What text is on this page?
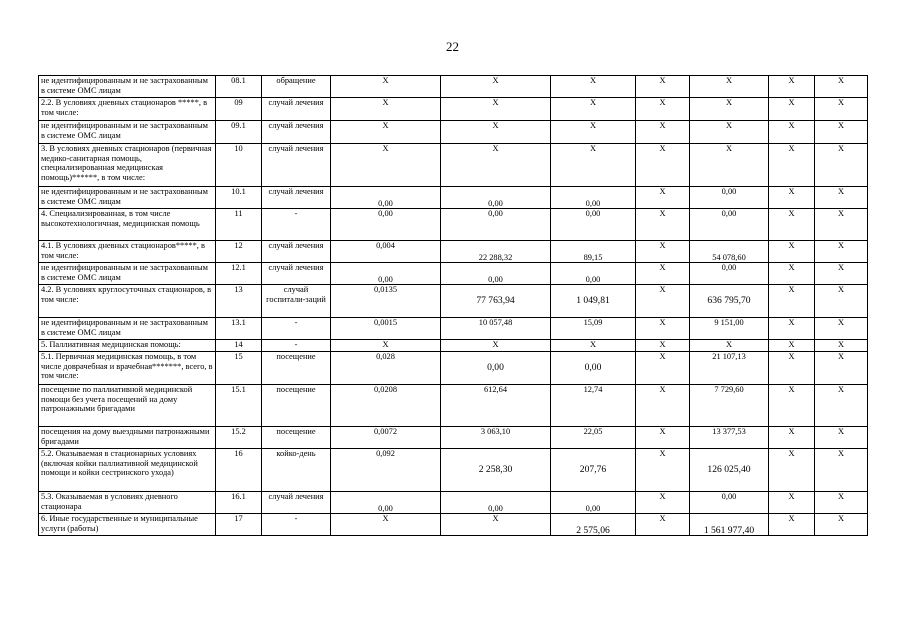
22
не идентифицированным и не застрахованным в системе ОМС лицам	08.1	обращение	X	X	X	X	X	X	X
2.2. В условиях дневных стационаров *****, в том числе:	09	случай лечения	X	X	X	X	X	X	X
не идентифицированным и не застрахованным в системе ОМС лицам	09.1	случай лечения	X	X	X	X	X	X	X
3. В условиях дневных стационаров (первичная медико-санитарная помощь, специализированная медицинская помощь)******, в том числе:	10	случай лечения	X	X	X	X	X	X	X
не идентифицированным и не застрахованным в системе ОМС лицам	10.1	случай лечения	0,00	0,00	0,00	X	0,00	X	X
4. Специализированная, в том числе высокотехнологичная, медицинская помощь	11	-	0,00	0,00	0,00	X	0,00	X	X
4.1. В условиях дневных стационаров*****, в том числе:	12	случай лечения	0,004	22 288,32	89,15	X	54 078,60	X	X
не идентифицированным и не застрахованным в системе ОМС лицам	12.1	случай лечения	0,00	0,00	0,00	X	0,00	X	X
4.2. В условиях круглосуточных стационаров, в том числе:	13	случай госпитали-заций	0,0135	77 763,94	1 049,81	X	636 795,70	X	X
не идентифицированным и не застрахованным в системе ОМС лицам	13.1	-	0,0015	10 057,48	15,09	X	9 151,00	X	X
5. Паллиативная медицинская помощь:	14	-	X	X	X	X	X	X	X
5.1. Первичная медицинская помощь, в том числе доврачебная и врачебная*******, всего, в том числе:	15	посещение	0,028	0,00	0,00	X	21 107,13	X	X
посещение по паллиативной медицинской помощи без учета посещений на дому патронажными бригадами	15.1	посещение	0,0208	612,64	12,74	X	7 729,60	X	X
посещения на дому выездными патронажными бригадами	15.2	посещение	0,0072	3 063,10	22,05	X	13 377,53	X	X
5.2. Оказываемая в стационарных условиях (включая койки паллиативной медицинской помощи и койки сестринского ухода)	16	койко-день	0,092	2 258,30	207,76	X	126 025,40	X	X
5.3. Оказываемая в условиях дневного стационара	16.1	случай лечения	0,00	0,00	0,00	X	0,00	X	X
6. Иные государственные и муниципальные услуги (работы)	17	-	X	X	2 575,06	X	1 561 977,40	X	X
